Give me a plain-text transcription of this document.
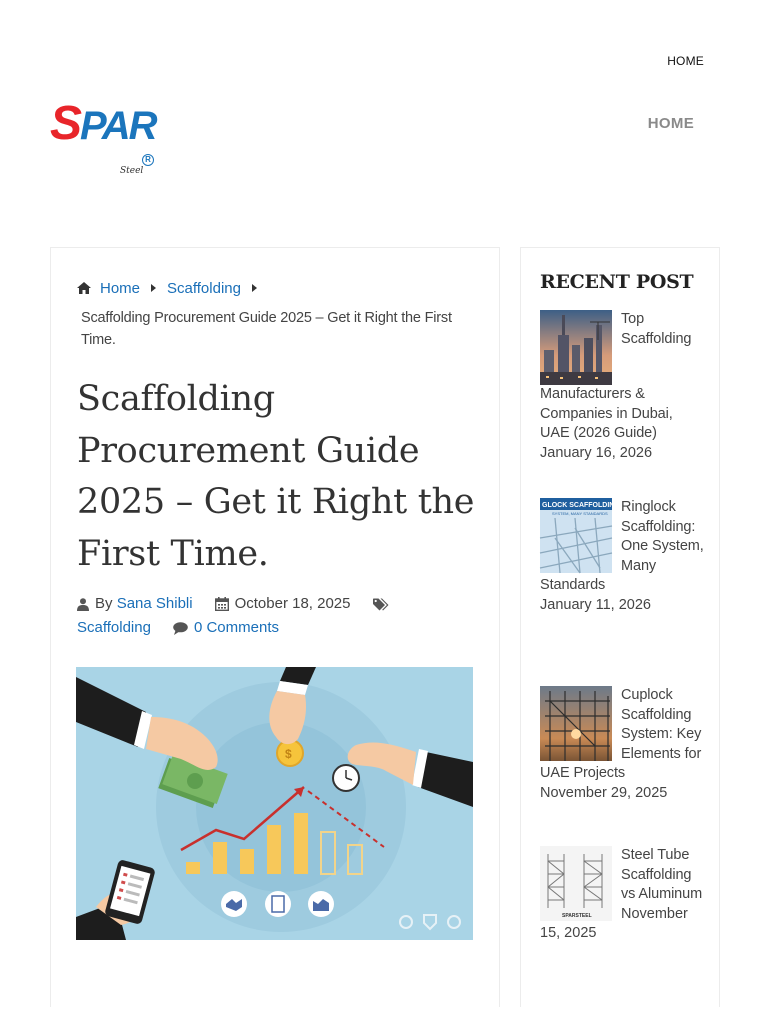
HOME
HOME
SPAR
R
Steel
Home Scaffolding
Scaffolding Procurement Guide 2025 – Get it Right the First Time.
Scaffolding Procurement Guide 2025 – Get it Right the First Time.
By
Sana Shibli	October 18, 2025
Scaffolding	0 Comments
$
RECENT POST
Top Scaffolding Manufacturers & Companies in Dubai, UAE (2026 Guide)
January 16, 2026
GLOCK SCAFFOLDING
SYSTEM, MANY STANDARDS Ringlock Scaffolding: One System, Many Standards
January 11, 2026
Cuplock Scaffolding System: Key Elements for UAE Projects
November 29, 2025
SPARSTEEL
Steel Tube Scaffolding vs Aluminum
November 15, 2025
